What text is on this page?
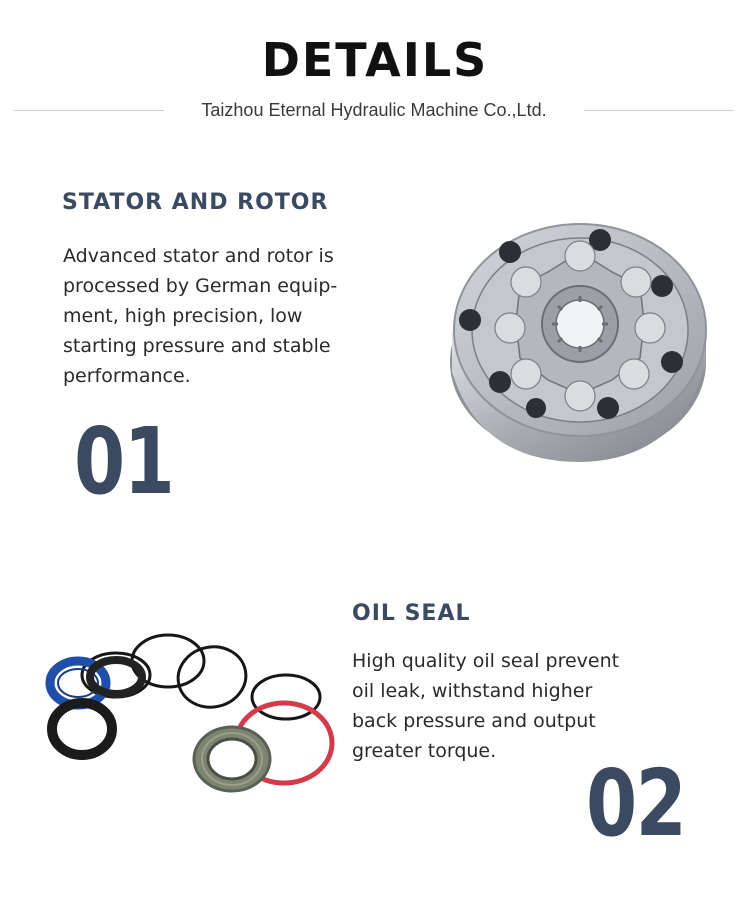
DETAILS
Taizhou Eternal Hydraulic Machine Co.,Ltd.
STATOR AND ROTOR
Advanced stator and rotor is
processed by German equip-
ment, high precision, low
starting pressure and stable
performance.
01
OIL SEAL
High quality oil seal prevent
oil leak, withstand higher
back pressure and output
greater torque. 02
